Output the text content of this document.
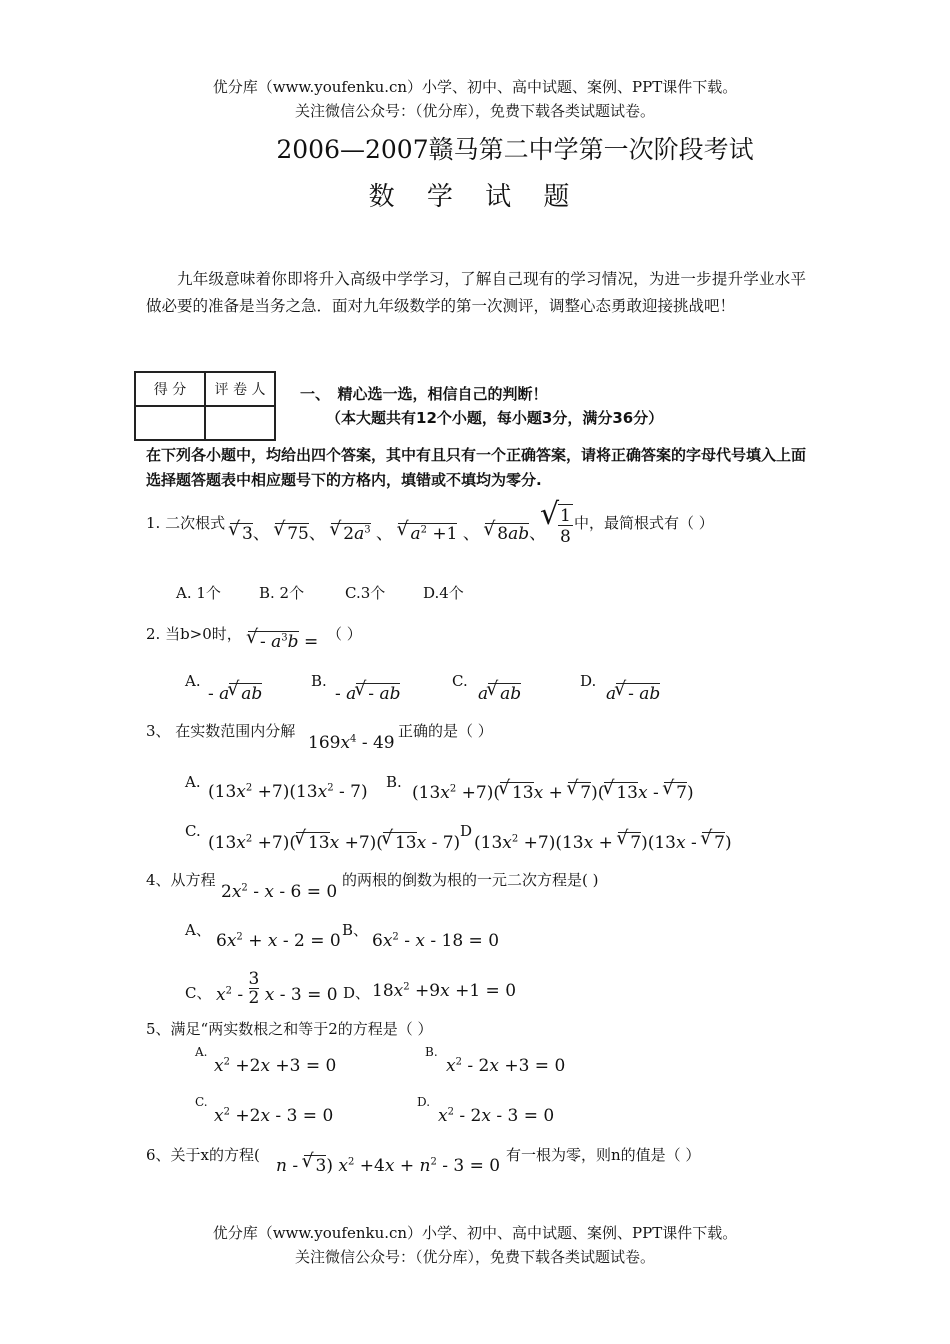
优分库（www.youfenku.cn）小学、初中、高中试题、案例、PPT课件下载。
关注微信公众号：（优分库），免费下载各类试题试卷。
2006—2007赣马第二中学第一次阶段考试
数 学 试 题
九年级意味着你即将升入高级中学学习，了解自己现有的学习情况，为进一步提升学业水平做必要的准备是当务之急．面对九年级数学的第一次测评，调整心态勇敢迎接挑战吧！
得 分	评 卷 人
	一、　精心选一选，相信自己的判断！
（本大题共有12个小题，每小题3分，满分36分）
在下列各小题中，均给出四个答案，其中有且只有一个正确答案，请将正确答案的字母代号填入上面选择题答题表中相应题号下的方格内，填错或不填均为零分.
1. 二次根式
√ 3、 √ 75、 √ $2a^3$ 、 √ $a^2 +1$ 、 √ 8ab、
√ 1
8
中，最简根式有（ ）
A. 1个	B. 2个	C.3个	D.4个
2. 当b>0时，	√ - $a^3b$ = （ ）
A.
- a √ ab
B.
- a √ - ab
C.
a √ ab
D.
a √ - ab
3、 在实数范围内分解
$169x^4 - 49$
正确的是（ ）
A. $(13x^2 +7)(13x^2 - 7)$ B.
$(13x^2 +7)$( √ 13x + √ 7)( √ 13x - √ 7)
C.
$(13x^2 +7)$( √ 13x +7)( √ 13x - 7)
D
$(13x^2 +7)(13x$ + √ 7)(13x - √ 7)
4、从方程
$2x^2 - x - 6 = 0$
的两根的倒数为根的一元二次方程是( )
A、
$6x^2 + x - 2 = 0$
B、
$6x^2 - x - 18 = 0$
C、 $x^2 - \frac{3}{2}$ x - 3 = 0 D、 $18x^2 +9x +1 = 0$
5、满足“两实数根之和等于2的方程是（ ）
A.
$x^2 +2x +3 = 0$
B.
$x^2 - 2x +3 = 0$
C.
$x^2 +2x - 3 = 0$
D.
$x^2 - 2x - 3 = 0$
6、关于x的方程(
n - √ 3) $x^2 +4x + n^2 - 3 = 0$
有一根为零，则n的值是（ ）
优分库（www.youfenku.cn）小学、初中、高中试题、案例、PPT课件下载。
关注微信公众号：（优分库），免费下载各类试题试卷。
